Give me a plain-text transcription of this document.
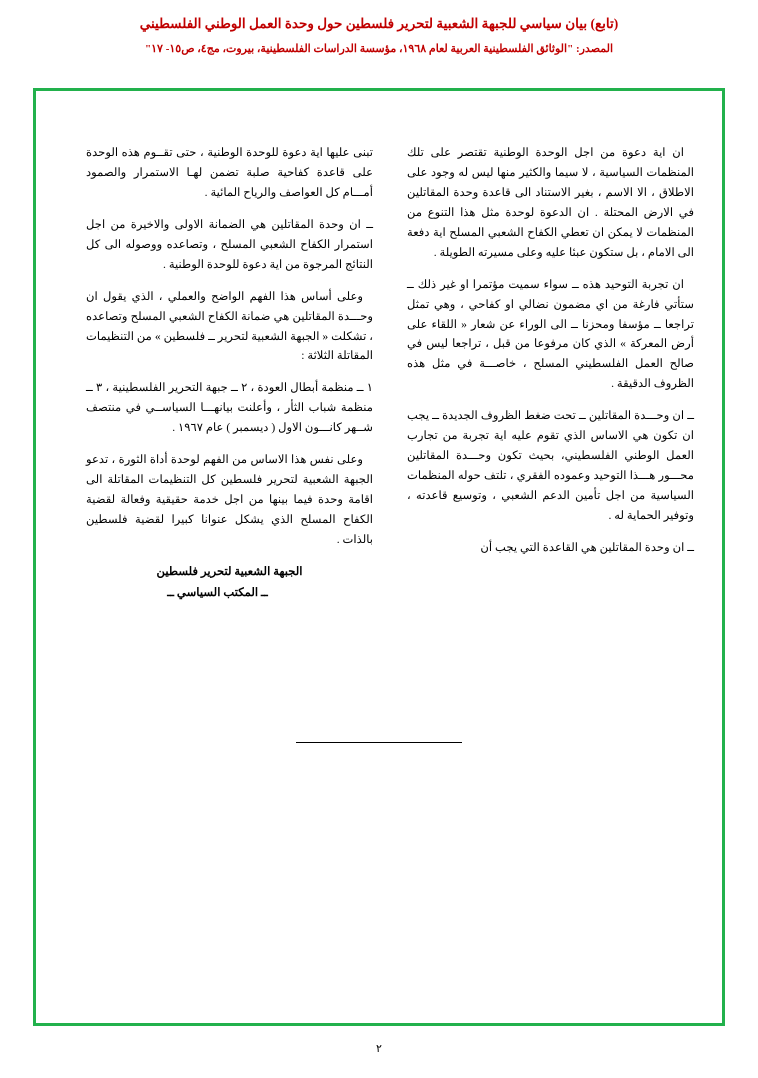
(تابع) بيان سياسي للجبهة الشعبية لتحرير فلسطين حول وحدة العمل الوطني الفلسطيني
المصدر: "الوثائق الفلسطينية العربية لعام ١٩٦٨، مؤسسة الدراسات الفلسطينية، بيروت، مج٤، ص١٥- ١٧"

ان اية دعوة من اجل الوحدة الوطنية تقتصر على تلك المنظمات السياسية ، لا سيما والكثير منها ليس له وجود على الاطلاق ، الا الاسم ، بغير الاستناد الى قاعدة وحدة المقاتلين في الارض المحتلة . ان الدعوة لوحدة مثل هذا التنوع من المنظمات لا يمكن ان تعطي الكفاح الشعبي المسلح اية دفعة الى الامام ، بل ستكون عبئا عليه وعلى مسيرته الطويلة .

ان تجربة التوحيد هذه ــ سواء سميت مؤتمرا او غير ذلك ــ ستأتي فارغة من اي مضمون نضالي او كفاحي ، وهي تمثل تراجعا ــ مؤسفا ومحزنا ــ الى الوراء عن شعار « اللقاء على أرض المعركة » الذي كان مرفوعا من قبل ، تراجعا ليس في صالح العمل الفلسطيني المسلح ، خاصـــة في مثل هذه الظروف الدقيقة .

ــ ان وحـــدة المقاتلين ــ تحت ضغط الظروف الجديدة ــ يجب ان تكون هي الاساس الذي تقوم عليه اية تجربة من تجارب العمل الوطني الفلسطيني، بحيث تكون وحـــدة المقاتلين محـــور هـــذا التوحيد وعموده الفقري ، تلتف حوله المنظمات السياسية من اجل تأمين الدعم الشعبي ، وتوسيع قاعدته ، وتوفير الحماية له .

ــ ان وحدة المقاتلين هي القاعدة التي يجب أن

تبنى عليها اية دعوة للوحدة الوطنية ، حتى تقــوم هذه الوحدة على قاعدة كفاحية صلبة تضمن لهـا الاستمرار والصمود أمـــام كل العواصف والرياح المائية .

ــ ان وحدة المقاتلين هي الضمانة الاولى والاخيرة من اجل استمرار الكفاح الشعبي المسلح ، وتصاعده ووصوله الى كل النتائج المرجوة من اية دعوة للوحدة الوطنية .

وعلى أساس هذا الفهم الواضح والعملي ، الذي يقول ان وحـــدة المقاتلين هي ضمانة الكفاح الشعبي المسلح وتصاعده ، تشكلت « الجبهة الشعبية لتحرير ــ فلسطين » من التنظيمات المقاتلة الثلاثة :

١ ــ منظمة أبطال العودة ، ٢ ــ جبهة التحرير الفلسطينية ، ٣ ــ منظمة شباب الثأر ، وأعلنت بيانهـــا السياســي في منتصف شــهر كانـــون الاول ( ديسمبر ) عام ١٩٦٧ .

وعلى نفس هذا الاساس من الفهم لوحدة أداة الثورة ، تدعو الجبهة الشعبية لتحرير فلسطين كل التنظيمات المقاتلة الى اقامة وحدة فيما بينها من اجل خدمة حقيقية وفعالة لقضية الكفاح المسلح الذي يشكل عنوانا كبيرا لقضية فلسطين بالذات .

الجبهة الشعبية لتحرير فلسطين
ــ المكتب السياسي ــ
٢
